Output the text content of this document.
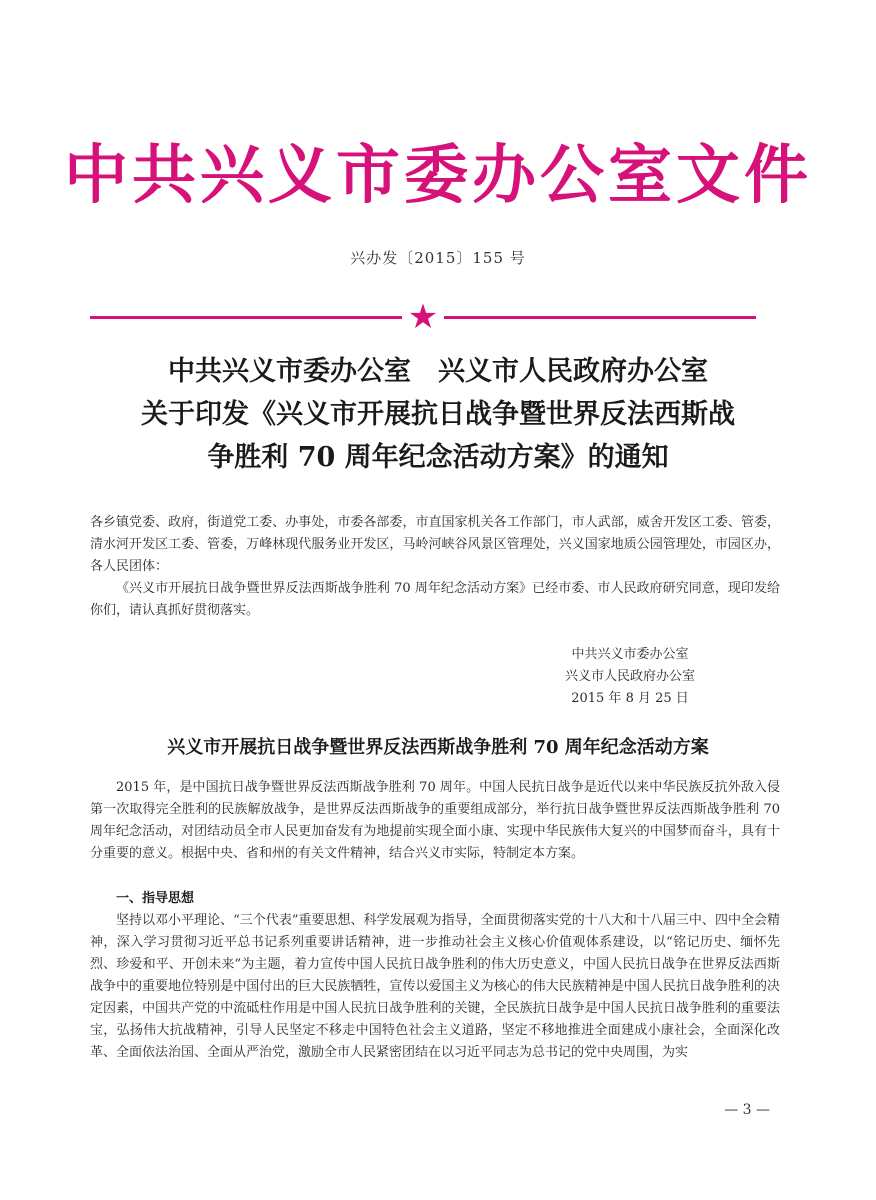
中共兴义市委办公室文件
兴办发〔2015〕155 号
★
中共兴义市委办公室　兴义市人民政府办公室
关于印发《兴义市开展抗日战争暨世界反法西斯战
争胜利 70 周年纪念活动方案》的通知
各乡镇党委、政府，街道党工委、办事处，市委各部委，市直国家机关各工作部门，市人武部，威舍开发区工委、管委，清水河开发区工委、管委，万峰林现代服务业开发区，马岭河峡谷风景区管理处，兴义国家地质公园管理处，市园区办，各人民团体：
《兴义市开展抗日战争暨世界反法西斯战争胜利 70 周年纪念活动方案》已经市委、市人民政府研究同意，现印发给你们，请认真抓好贯彻落实。
中共兴义市委办公室
兴义市人民政府办公室
2015 年 8 月 25 日
兴义市开展抗日战争暨世界反法西斯战争胜利 70 周年纪念活动方案
2015 年，是中国抗日战争暨世界反法西斯战争胜利 70 周年。中国人民抗日战争是近代以来中华民族反抗外敌入侵第一次取得完全胜利的民族解放战争，是世界反法西斯战争的重要组成部分，举行抗日战争暨世界反法西斯战争胜利 70 周年纪念活动，对团结动员全市人民更加奋发有为地提前实现全面小康、实现中华民族伟大复兴的中国梦而奋斗，具有十分重要的意义。根据中央、省和州的有关文件精神，结合兴义市实际，特制定本方案。
一、指导思想
坚持以邓小平理论、“三个代表”重要思想、科学发展观为指导，全面贯彻落实党的十八大和十八届三中、四中全会精神，深入学习贯彻习近平总书记系列重要讲话精神，进一步推动社会主义核心价值观体系建设，以“铭记历史、缅怀先烈、珍爱和平、开创未来”为主题，着力宣传中国人民抗日战争胜利的伟大历史意义，中国人民抗日战争在世界反法西斯战争中的重要地位特别是中国付出的巨大民族牺牲，宣传以爱国主义为核心的伟大民族精神是中国人民抗日战争胜利的决定因素，中国共产党的中流砥柱作用是中国人民抗日战争胜利的关键，全民族抗日战争是中国人民抗日战争胜利的重要法宝，弘扬伟大抗战精神，引导人民坚定不移走中国特色社会主义道路，坚定不移地推进全面建成小康社会，全面深化改革、全面依法治国、全面从严治党，激励全市人民紧密团结在以习近平同志为总书记的党中央周围，为实
— 3 —
